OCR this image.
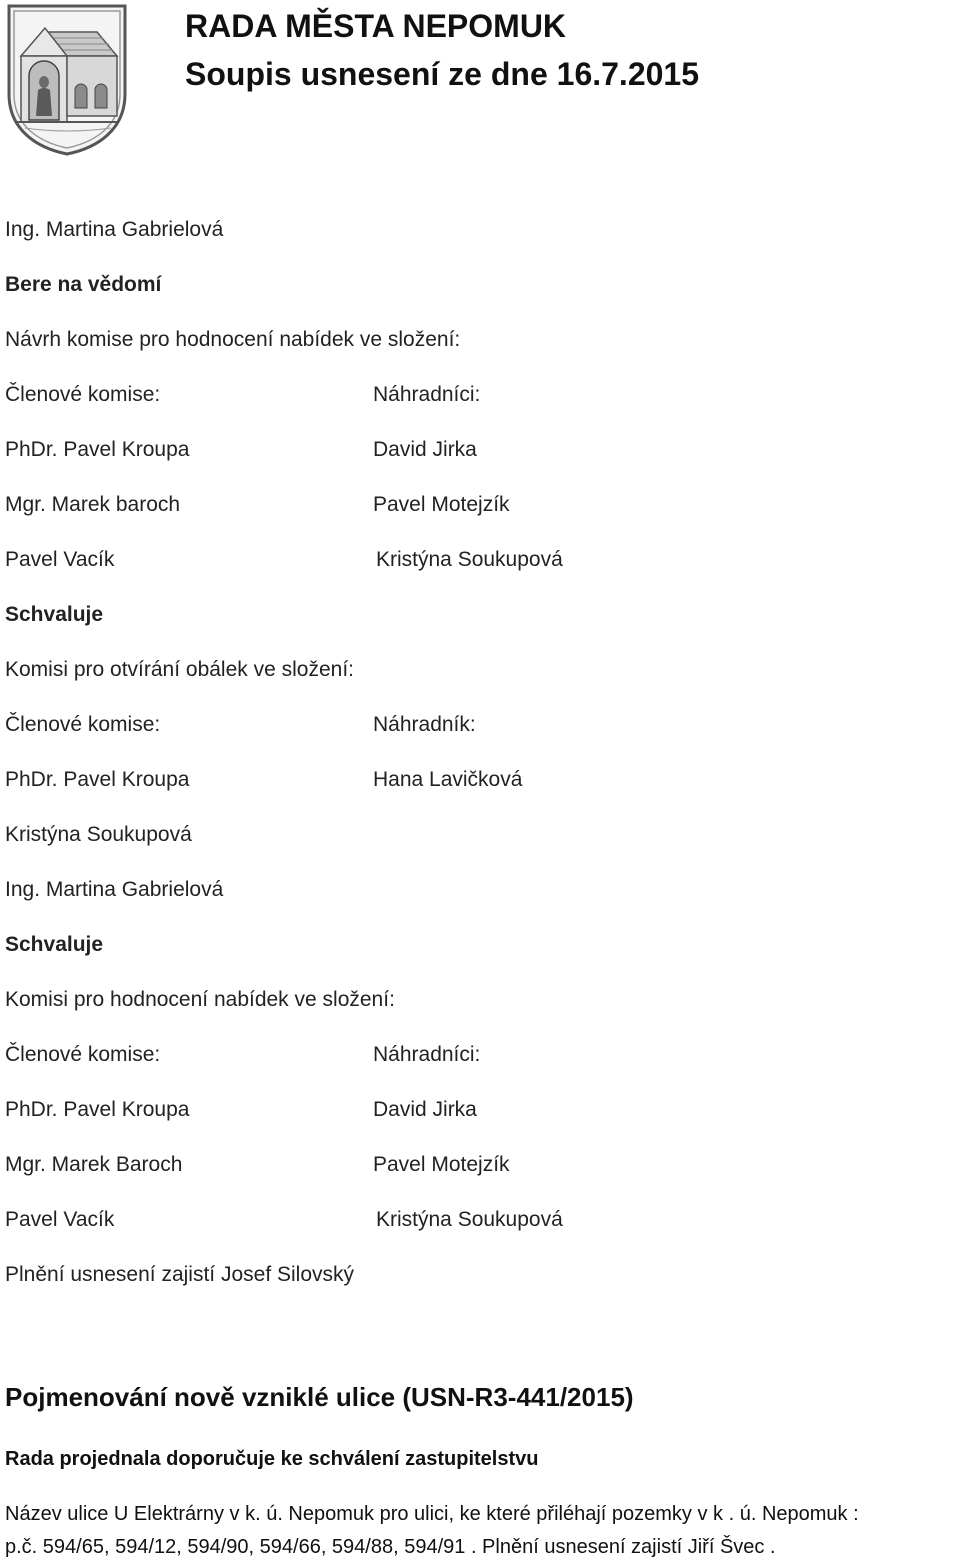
RADA MĚSTA NEPOMUK
Soupis usnesení ze dne 16.7.2015
Ing. Martina Gabrielová
Bere na vědomí
Návrh komise pro hodnocení nabídek ve složení:
Členové komise:	Náhradníci:
PhDr. Pavel Kroupa	David Jirka
Mgr. Marek baroch	Pavel Motejzík
Pavel Vacík	Kristýna Soukupová
Schvaluje
Komisi pro otvírání obálek ve složení:
Členové komise:	Náhradník:
PhDr. Pavel Kroupa	Hana Lavičková
Kristýna Soukupová
Ing. Martina Gabrielová
Schvaluje
Komisi pro hodnocení nabídek ve složení:
Členové komise:	Náhradníci:
PhDr. Pavel Kroupa	David Jirka
Mgr. Marek Baroch	Pavel Motejzík
Pavel Vacík	Kristýna Soukupová
Plnění usnesení zajistí Josef Silovský
Pojmenování nově vzniklé ulice (USN-R3-441/2015)
Rada projednala doporučuje ke schválení zastupitelstvu
Název ulice U Elektrárny v k. ú. Nepomuk pro ulici, ke které přiléhají pozemky v k . ú. Nepomuk :
p.č. 594/65, 594/12, 594/90, 594/66, 594/88, 594/91 . Plnění usnesení zajistí Jiří Švec .
